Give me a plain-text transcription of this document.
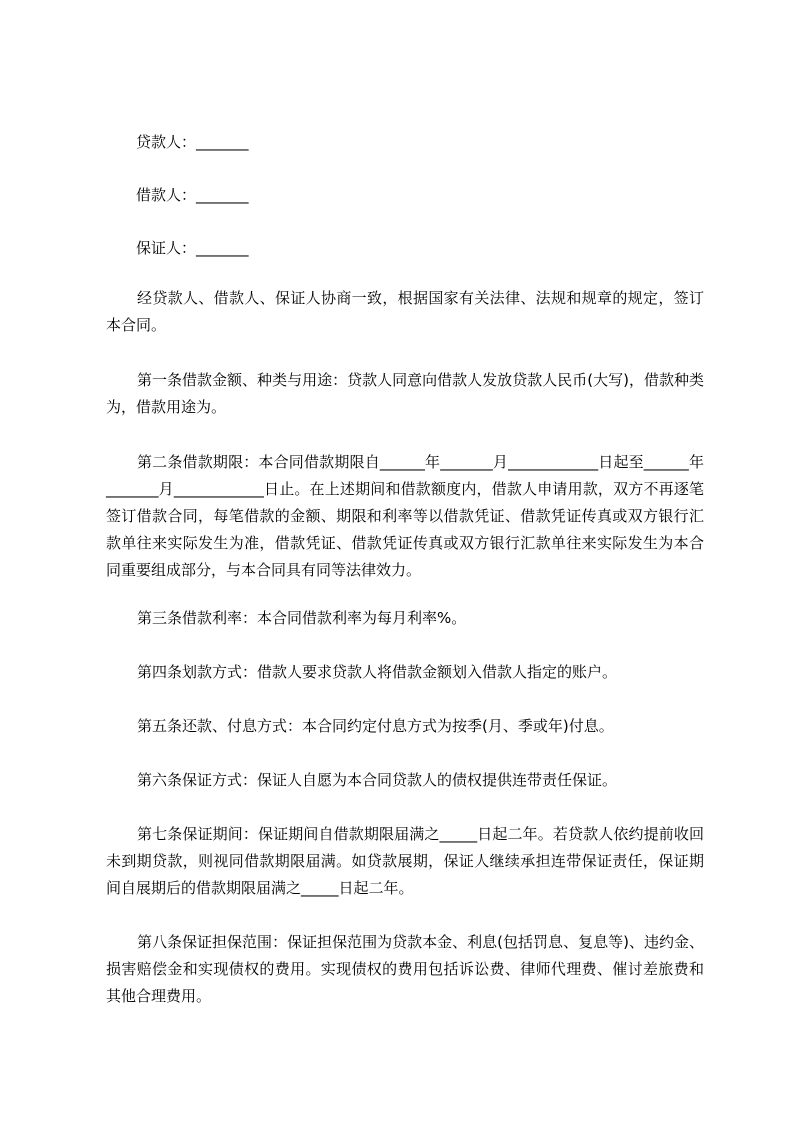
贷款人：_______
借款人：_______
保证人：_______
经贷款人、借款人、保证人协商一致，根据国家有关法律、法规和规章的规定，签订本合同。
第一条借款金额、种类与用途：贷款人同意向借款人发放贷款人民币(大写)，借款种类为，借款用途为。
第二条借款期限：本合同借款期限自______年_______月____________日起至______年_______月____________日止。在上述期间和借款额度内，借款人申请用款，双方不再逐笔签订借款合同，每笔借款的金额、期限和利率等以借款凭证、借款凭证传真或双方银行汇款单往来实际发生为准，借款凭证、借款凭证传真或双方银行汇款单往来实际发生为本合同重要组成部分，与本合同具有同等法律效力。
第三条借款利率：本合同借款利率为每月利率%。
第四条划款方式：借款人要求贷款人将借款金额划入借款人指定的账户。
第五条还款、付息方式：本合同约定付息方式为按季(月、季或年)付息。
第六条保证方式：保证人自愿为本合同贷款人的债权提供连带责任保证。
第七条保证期间：保证期间自借款期限届满之_____日起二年。若贷款人依约提前收回未到期贷款，则视同借款期限届满。如贷款展期，保证人继续承担连带保证责任，保证期间自展期后的借款期限届满之_____日起二年。
第八条保证担保范围：保证担保范围为贷款本金、利息(包括罚息、复息等)、违约金、损害赔偿金和实现债权的费用。实现债权的费用包括诉讼费、律师代理费、催讨差旅费和其他合理费用。
